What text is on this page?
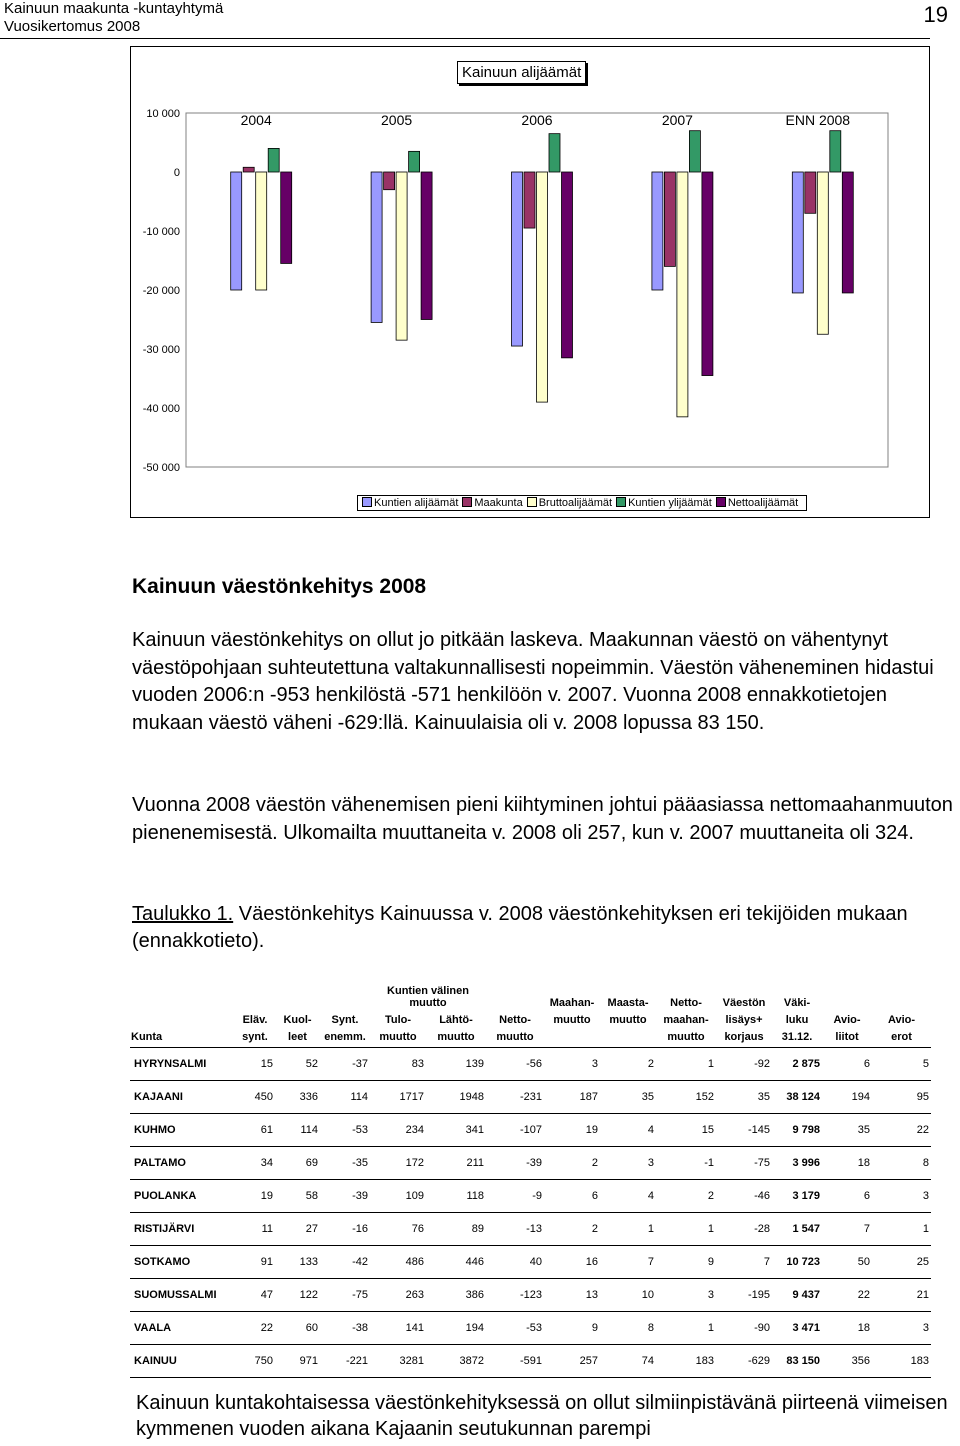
Kainuun maakunta -kuntayhtymä
Vuosikertomus 2008	19
10 000
0
-10 000
-20 000
-30 000
-40 000
-50 000
2004	2005	2006	2007	ENN 2008
Kainuun alijäämät
Kuntien alijäämät Maakunta Bruttoalijäämät Kuntien ylijäämät Nettoalijäämät
Kainuun väestönkehitys 2008
Kainuun väestönkehitys on ollut jo pitkään laskeva. Maakunnan väestö on vähentynyt väestöpohjaan suhteutettuna valtakunnallisesti nopeimmin. Väestön väheneminen hidastui vuoden 2006:n -953 henkilöstä -571 henkilöön v. 2007. Vuonna 2008 ennakkotietojen mukaan väestö väheni -629:llä. Kainuulaisia oli v. 2008 lopussa 83 150.
Vuonna 2008 väestön vähenemisen pieni kiihtyminen johtui pääasiassa nettomaahanmuuton pienenemisestä. Ulkomailta muuttaneita v. 2008 oli 257, kun v. 2007 muuttaneita oli 324.
Taulukko 1. Väestönkehitys Kainuussa v. 2008 väestönkehityksen eri tekijöiden mukaan (ennakkotieto).
				Kuntien välinen muutto			Maahan-	Maasta-	Netto-	Väestön	Väki-		
	Eläv.	Kuol-	Synt.	Tulo-	Lähtö-	Netto-	muutto	muutto	maahan-	lisäys+	luku	Avio-	Avio-
Kunta	synt.	leet	enemm.	muutto	muutto	muutto			muutto	korjaus	31.12.	liitot	erot
HYRYNSALMI	15	52	-37	83	139	-56	3	2	1	-92	2 875	6	5
KAJAANI	450	336	114	1717	1948	-231	187	35	152	35	38 124	194	95
KUHMO	61	114	-53	234	341	-107	19	4	15	-145	9 798	35	22
PALTAMO	34	69	-35	172	211	-39	2	3	-1	-75	3 996	18	8
PUOLANKA	19	58	-39	109	118	-9	6	4	2	-46	3 179	6	3
RISTIJÄRVI	11	27	-16	76	89	-13	2	1	1	-28	1 547	7	1
SOTKAMO	91	133	-42	486	446	40	16	7	9	7	10 723	50	25
SUOMUSSALMI	47	122	-75	263	386	-123	13	10	3	-195	9 437	22	21
VAALA	22	60	-38	141	194	-53	9	8	1	-90	3 471	18	3
KAINUU	750	971	-221	3281	3872	-591	257	74	183	-629	83 150	356	183
Kainuun kuntakohtaisessa väestönkehityksessä on ollut silmiinpistävänä piirteenä viimeisen kymmenen vuoden aikana Kajaanin seutukunnan parempi
